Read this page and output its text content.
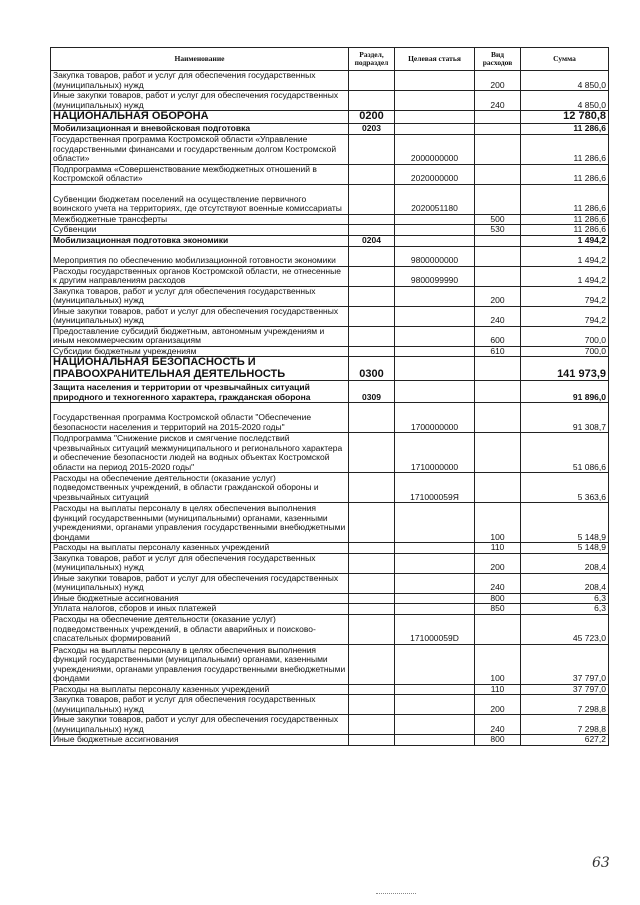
Наименование	Раздел, подраздел	Целевая статья	Вид расходов	Сумма
Закупка товаров, работ и услуг для обеспечения государственных (муниципальных) нужд			200	4 850,0
Иные закупки товаров, работ и услуг для обеспечения государственных (муниципальных) нужд			240	4 850,0
НАЦИОНАЛЬНАЯ ОБОРОНА	0200			12 780,8
Мобилизационная и вневойсковая подготовка	0203			11 286,6
Государственная программа Костромской области «Управление государственными финансами и государственным долгом Костромской области»		2000000000		11 286,6
Подпрограмма «Совершенствование межбюджетных отношений в Костромской области»		2020000000		11 286,6
Субвенции бюджетам поселений на осуществление первичного воинского учета на территориях, где отсутствуют военные комиссариаты		2020051180		11 286,6
Межбюджетные трансферты			500	11 286,6
Субвенции			530	11 286,6
Мобилизационная подготовка экономики	0204			1 494,2
Мероприятия по обеспечению мобилизационной готовности экономики		9800000000		1 494,2
Расходы государственных органов Костромской области, не отнесенные к другим направлениям расходов		9800099990		1 494,2
Закупка товаров, работ и услуг для обеспечения государственных (муниципальных) нужд			200	794,2
Иные закупки товаров, работ и услуг для обеспечения государственных (муниципальных) нужд			240	794,2
Предоставление субсидий бюджетным, автономным учреждениям и иным некоммерческим организациям			600	700,0
Субсидии бюджетным учреждениям			610	700,0
НАЦИОНАЛЬНАЯ БЕЗОПАСНОСТЬ И ПРАВООХРАНИТЕЛЬНАЯ ДЕЯТЕЛЬНОСТЬ	0300			141 973,9
Защита населения и территории от чрезвычайных ситуаций природного и техногенного характера, гражданская оборона	0309			91 896,0
Государственная программа Костромской области "Обеспечение безопасности населения и территорий на 2015-2020 годы"		1700000000		91 308,7
Подпрограмма "Снижение рисков и смягчение последствий чрезвычайных ситуаций межмуниципального и регионального характера и обеспечение безопасности людей на водных объектах Костромской области на период 2015-2020 годы"		1710000000		51 086,6
Расходы на обеспечение деятельности (оказание услуг) подведомственных учреждений, в области гражданской обороны и чрезвычайных ситуаций		171000059Я		5 363,6
Расходы на выплаты персоналу в целях обеспечения выполнения функций государственными (муниципальными) органами, казенными учреждениями, органами управления государственными внебюджетными фондами			100	5 148,9
Расходы на выплаты персоналу казенных учреждений			110	5 148,9
Закупка товаров, работ и услуг для обеспечения государственных (муниципальных) нужд			200	208,4
Иные закупки товаров, работ и услуг для обеспечения государственных (муниципальных) нужд			240	208,4
Иные бюджетные ассигнования			800	6,3
Уплата налогов, сборов и иных платежей			850	6,3
Расходы на обеспечение деятельности (оказание услуг) подведомственных учреждений, в области аварийных и поисково-спасательных формирований		171000059D		45 723,0
Расходы на выплаты персоналу в целях обеспечения выполнения функций государственными (муниципальными) органами, казенными учреждениями, органами управления государственными внебюджетными фондами			100	37 797,0
Расходы на выплаты персоналу казенных учреждений			110	37 797,0
Закупка товаров, работ и услуг для обеспечения государственных (муниципальных) нужд			200	7 298,8
Иные закупки товаров, работ и услуг для обеспечения государственных (муниципальных) нужд			240	7 298,8
Иные бюджетные ассигнования			800	627,2
63
